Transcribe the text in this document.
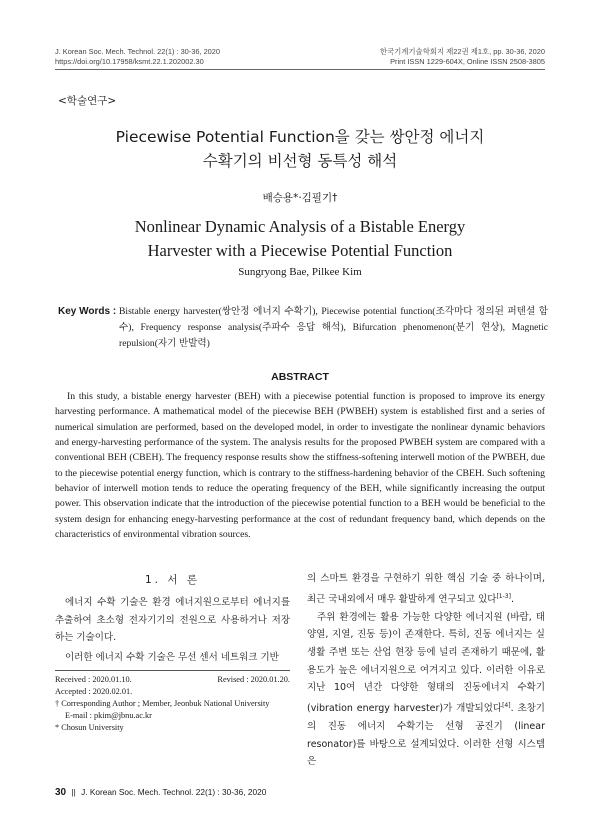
J. Korean Soc. Mech. Technol. 22(1) : 30-36, 2020
https://doi.org/10.17958/ksmt.22.1.202002.30
한국기계기술학회지 제22권 제1호, pp. 30-36, 2020
Print ISSN 1229-604X, Online ISSN 2508-3805
<학술연구>
Piecewise Potential Function을 갖는 쌍안정 에너지
수확기의 비선형 동특성 해석
배승용*·김필기†
Nonlinear Dynamic Analysis of a Bistable Energy
Harvester with a Piecewise Potential Function
Sungryong Bae, Pilkee Kim
Key Words : Bistable energy harvester(쌍안정 에너지 수확기), Piecewise potential function(조각마다 정의된 퍼텐셜 함수), Frequency response analysis(주파수 응답 해석), Bifurcation phenomenon(분기 현상), Magnetic repulsion(자기 반발력)
ABSTRACT
In this study, a bistable energy harvester (BEH) with a piecewise potential function is proposed to improve its energy harvesting performance. A mathematical model of the piecewise BEH (PWBEH) system is established first and a series of numerical simulation are performed, based on the developed model, in order to investigate the nonlinear dynamic behaviors and energy-harvesting performance of the system. The analysis results for the proposed PWBEH system are compared with a conventional BEH (CBEH). The frequency response results show the stiffness-softening interwell motion of the PWBEH, due to the piecewise potential energy function, which is contrary to the stiffness-hardening behavior of the CBEH. Such softening behavior of interwell motion tends to reduce the operating frequency of the BEH, while significantly increasing the output power. This observation indicate that the introduction of the piecewise potential function to a BEH would be beneficial to the system design for enhancing enegy-harvesting performance at the cost of redundant frequency band, which depends on the characteristics of environmental vibration sources.
1. 서 론

에너지 수확 기술은 환경 에너지원으로부터 에너지를 추출하여 초소형 전자기기의 전원으로 사용하거나 저장하는 기술이다.

이러한 에너지 수확 기술은 무선 센서 네트워크 기반

의 스마트 환경을 구현하기 위한 핵심 기술 중 하나이며, 최근 국내외에서 매우 활발하게 연구되고 있다[1-3].

주위 환경에는 활용 가능한 다양한 에너지원 (바람, 태양열, 지열, 진동 등)이 존재한다. 특히, 진동 에너지는 실생활 주변 또는 산업 현장 등에 널리 존재하기 때문에, 활용도가 높은 에너지원으로 여겨지고 있다. 이러한 이유로 지난 10여 년간 다양한 형태의 진동에너지 수확기(vibration energy harvester)가 개발되었다[4]. 초창기의 진동 에너지 수확기는 선형 공진기 (linear resonator)를 바탕으로 설계되었다. 이러한 선형 시스템은

Received : 2020.01.10.	Revised : 2020.01.20.
Accepted : 2020.02.01.
† Corresponding Author ; Member, Jeonbuk National University
E-mail : pkim@jbnu.ac.kr
* Chosun University
30 || J. Korean Soc. Mech. Technol. 22(1) : 30-36, 2020
